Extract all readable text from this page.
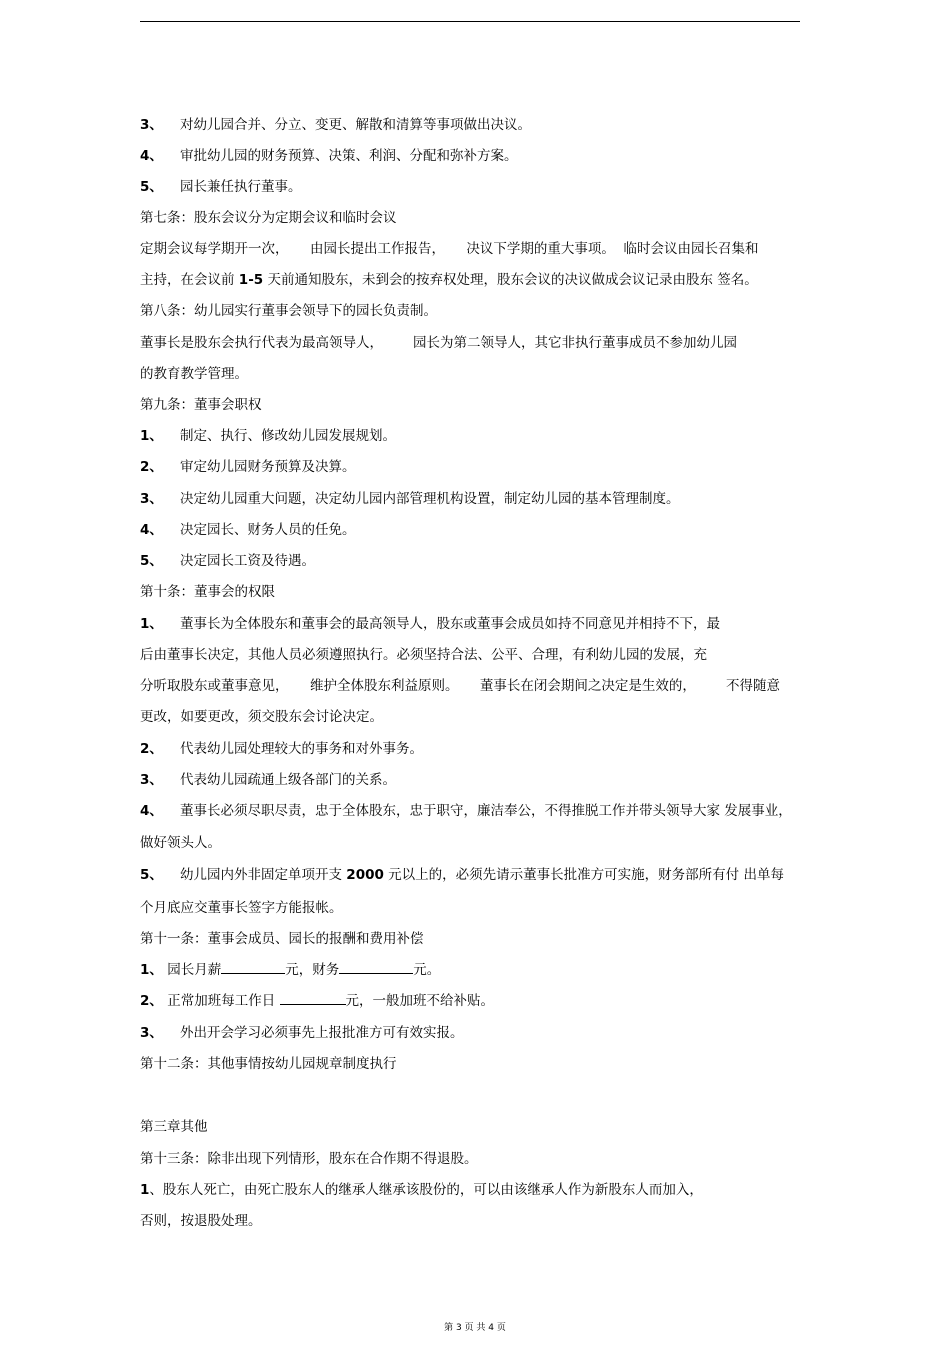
3、 对幼儿园合并、分立、变更、解散和清算等事项做出决议。
4、 审批幼儿园的财务预算、决策、利润、分配和弥补方案。
5、 园长兼任执行董事。
第七条：股东会议分为定期会议和临时会议
定期会议每学期开一次，     由园长提出工作报告，     决议下学期的重大事项。  临时会议由园长召集和
主持，在会议前 1-5 天前通知股东，未到会的按弃权处理，股东会议的决议做成会议记录由股东 签名。
第八条：幼儿园实行董事会领导下的园长负责制。
董事长是股东会执行代表为最高领导人，       园长为第二领导人，其它非执行董事成员不参加幼儿园
的教育教学管理。
第九条：董事会职权
1、 制定、执行、修改幼儿园发展规划。
2、 审定幼儿园财务预算及决算。
3、 决定幼儿园重大问题，决定幼儿园内部管理机构设置，制定幼儿园的基本管理制度。
4、 决定园长、财务人员的任免。
5、 决定园长工资及待遇。
第十条：董事会的权限
1、 董事长为全体股东和董事会的最高领导人，股东或董事会成员如持不同意见并相持不下，最
后由董事长决定，其他人员必须遵照执行。必须坚持合法、公平、合理，有利幼儿园的发展，充
分听取股东或董事意见，     维护全体股东利益原则。     董事长在闭会期间之决定是生效的，       不得随意
更改，如要更改，须交股东会讨论决定。
2、 代表幼儿园处理较大的事务和对外事务。
3、 代表幼儿园疏通上级各部门的关系。
4、 董事长必须尽职尽责，忠于全体股东，忠于职守，廉洁奉公，不得推脱工作并带头领导大家 发展事业，
做好领头人。
5、 幼儿园内外非固定单项开支 2000 元以上的，必须先请示董事长批准方可实施，财务部所有付 出单每
个月底应交董事长签字方能报帐。
第十一条：董事会成员、园长的报酬和费用补偿
1、 园长月薪	元，财务	元。
2、 正常加班每工作日	元，一般加班不给补贴。
3、 外出开会学习必须事先上报批准方可有效实报。
第十二条：其他事情按幼儿园规章制度执行
第三章其他
第十三条：除非出现下列情形，股东在合作期不得退股。
1、股东人死亡，由死亡股东人的继承人继承该股份的，可以由该继承人作为新股东人而加入，
否则，按退股处理。
第 3 页 共 4 页
